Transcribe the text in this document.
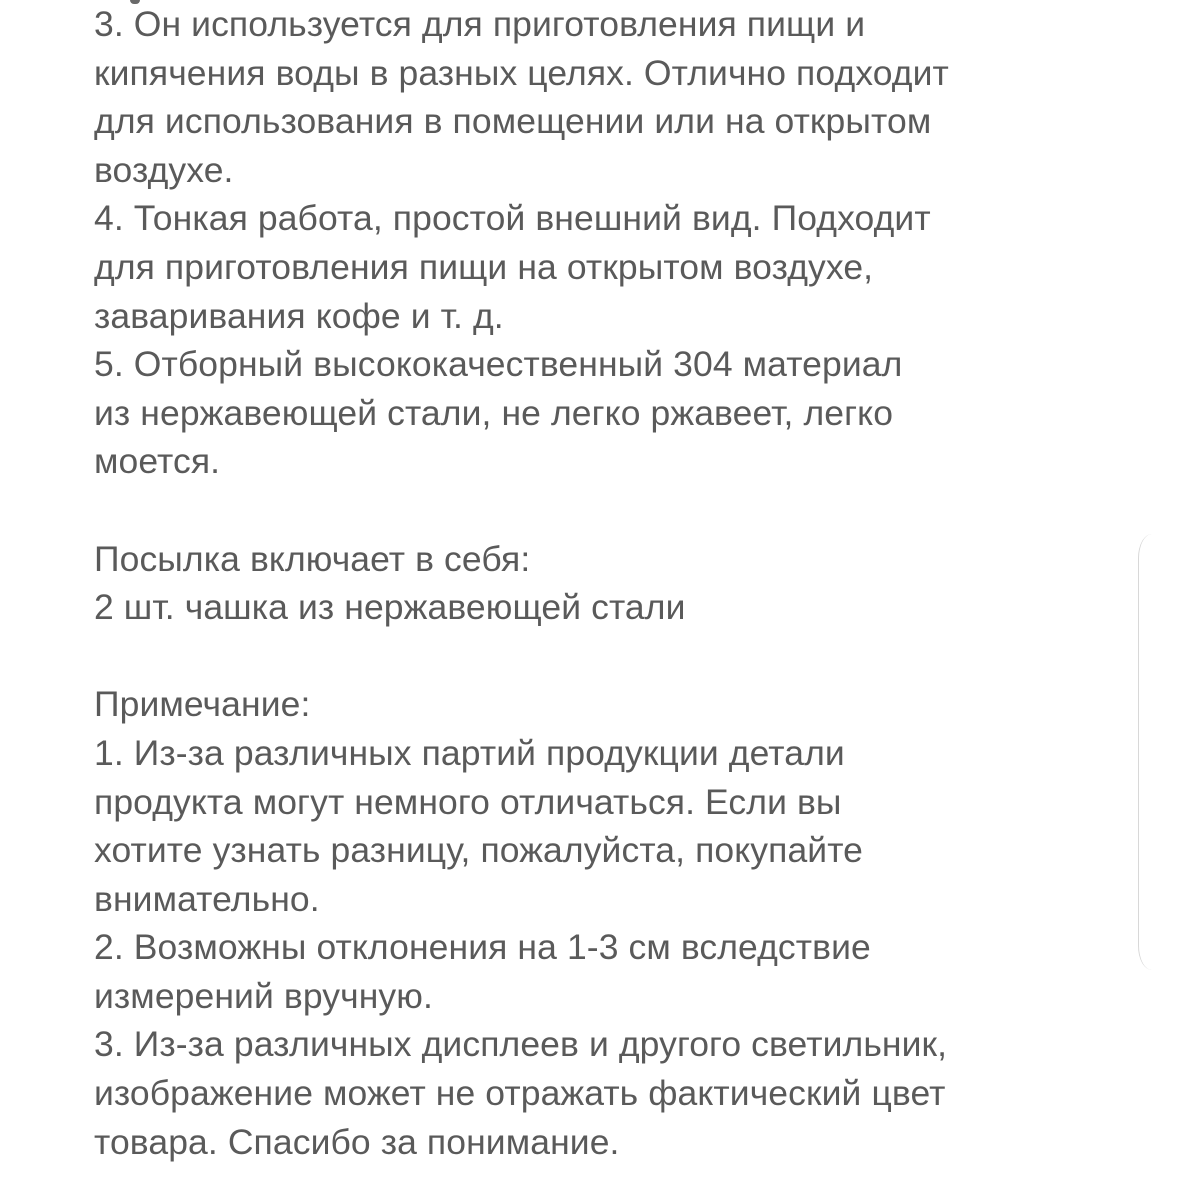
3. Он используется для приготовления пищи и
кипячения воды в разных целях. Отлично подходит
для использования в помещении или на открытом
воздухе.
4. Тонкая работа, простой внешний вид. Подходит
для приготовления пищи на открытом воздухе,
заваривания кофе и т. д.
5. Отборный высококачественный 304 материал
из нержавеющей стали, не легко ржавеет, легко
моется.
Посылка включает в себя:
2 шт. чашка из нержавеющей стали
Примечание:
1. Из-за различных партий продукции детали
продукта могут немного отличаться. Если вы
хотите узнать разницу, пожалуйста, покупайте
внимательно.
2. Возможны отклонения на 1-3 см вследствие
измерений вручную.
3. Из-за различных дисплеев и другого светильник,
изображение может не отражать фактический цвет
товара. Спасибо за понимание.
